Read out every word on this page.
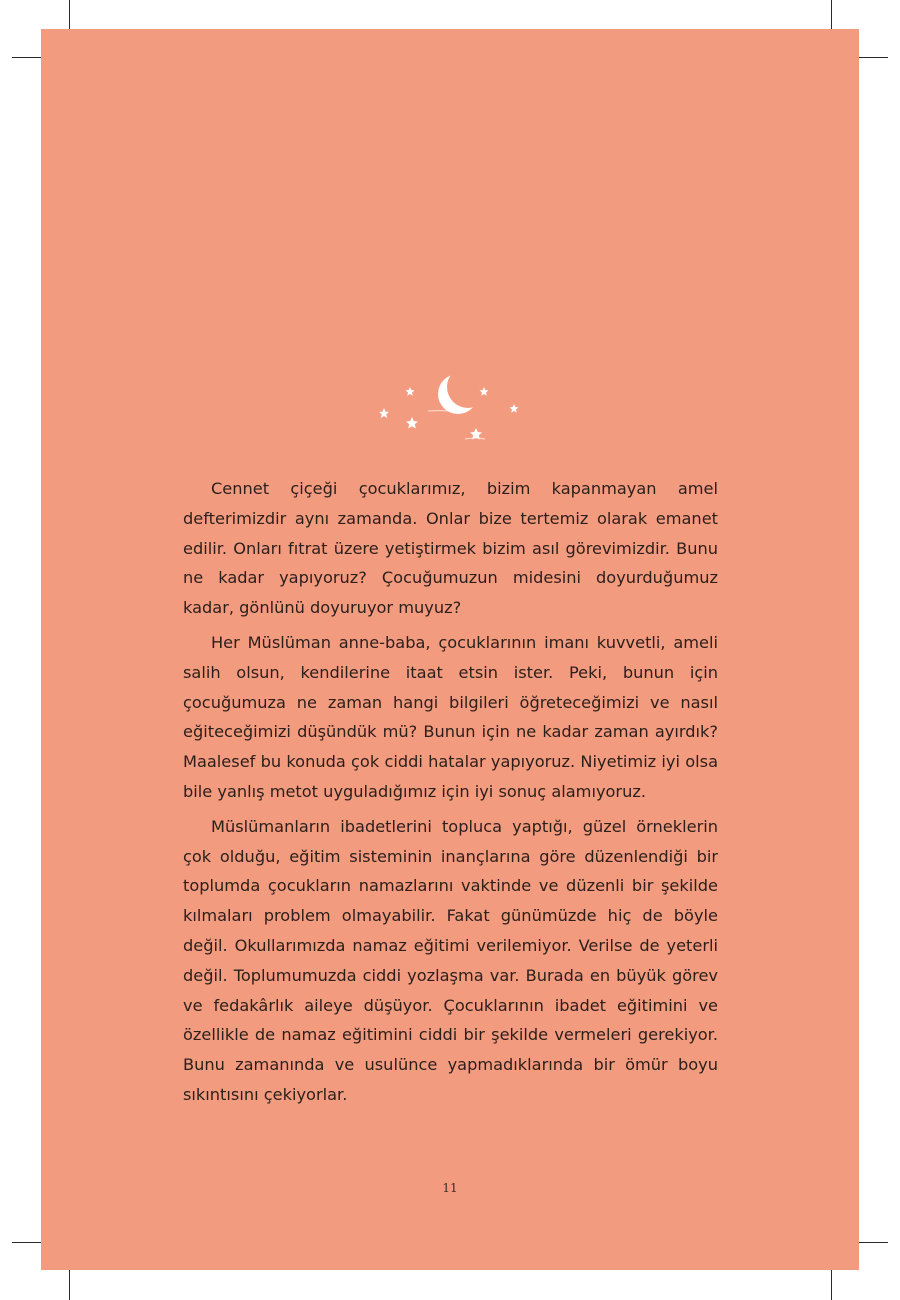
Cennet çiçeği çocuklarımız, bizim kapanmayan amel defterimizdir aynı zamanda. Onlar bize tertemiz olarak emanet edilir. Onları fıtrat üzere yetiştirmek bizim asıl görevimizdir. Bunu ne kadar yapıyoruz? Çocuğumuzun midesini doyurduğumuz kadar, gönlünü doyuruyor muyuz?

Her Müslüman anne-baba, çocuklarının imanı kuvvetli, ameli salih olsun, kendilerine itaat etsin ister. Peki, bunun için çocuğumuza ne zaman hangi bilgileri öğreteceğimizi ve nasıl eğiteceğimizi düşündük mü? Bunun için ne kadar zaman ayırdık? Maalesef bu konuda çok ciddi hatalar yapıyoruz. Niyetimiz iyi olsa bile yanlış metot uyguladığımız için iyi sonuç alamıyoruz.

Müslümanların ibadetlerini topluca yaptığı, güzel örneklerin çok olduğu, eğitim sisteminin inançlarına göre düzenlendiği bir toplumda çocukların namazlarını vaktinde ve düzenli bir şekilde kılmaları problem olmayabilir. Fakat günümüzde hiç de böyle değil. Okullarımızda namaz eğitimi verilemiyor. Verilse de yeterli değil. Toplumumuzda ciddi yozlaşma var. Burada en büyük görev ve fedakârlık aileye düşüyor. Çocuklarının ibadet eğitimini ve özellikle de namaz eğitimini ciddi bir şekilde vermeleri gerekiyor. Bunu zamanında ve usulünce yapmadıklarında bir ömür boyu sıkıntısını çekiyorlar.

11
